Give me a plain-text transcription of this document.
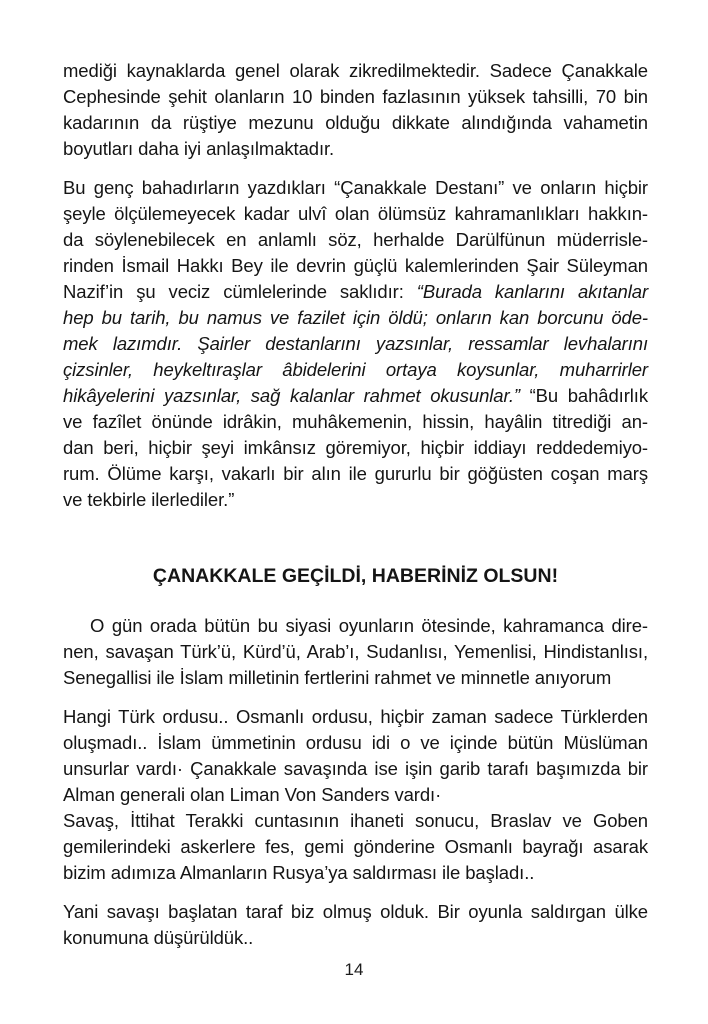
mediği kaynaklarda genel olarak zikredilmektedir. Sadece Çanakkale
Cephesinde şehit olanların 10 binden fazlasının yüksek tahsilli, 70 bin
kadarının da rüştiye mezunu olduğu dikkate alındığında vahametin
boyutları daha iyi anlaşılmaktadır.
Bu genç bahadırların yazdıkları “Çanakkale Destanı” ve onların hiçbir
şeyle ölçülemeyecek kadar ulvî olan ölümsüz kahramanlıkları hakkın-
da söylenebilecek en anlamlı söz, herhalde Darülfünun müderrisle-
rinden İsmail Hakkı Bey ile devrin güçlü kalemlerinden Şair Süleyman
Nazif’in şu veciz cümlelerinde saklıdır: “Burada kanlarını akıtanlar
hep bu tarih, bu namus ve fazilet için öldü; onların kan borcunu öde-
mek lazımdır. Şairler destanlarını yazsınlar, ressamlar levhalarını
çizsinler, heykeltıraşlar âbidelerini ortaya koysunlar, muharrirler
hikâyelerini yazsınlar, sağ kalanlar rahmet okusunlar.” “Bu bahâdırlık
ve fazîlet önünde idrâkin, muhâkemenin, hissin, hayâlin titrediği an-
dan beri, hiçbir şeyi imkânsız göremiyor, hiçbir iddiayı reddedemiyo-
rum. Ölüme karşı, vakarlı bir alın ile gururlu bir göğüsten coşan marş
ve tekbirle ilerlediler.”
ÇANAKKALE GEÇİLDİ, HABERİNİZ OLSUN!
O gün orada bütün bu siyasi oyunların ötesinde, kahramanca dire-
nen, savaşan Türk’ü, Kürd’ü, Arab’ı, Sudanlısı, Yemenlisi, Hindistanlısı,
Senegallisi ile İslam milletinin fertlerini rahmet ve minnetle anıyorum
Hangi Türk ordusu.. Osmanlı ordusu, hiçbir zaman sadece Türklerden
oluşmadı.. İslam ümmetinin ordusu idi o ve içinde bütün Müslüman
unsurlar vardı· Çanakkale savaşında ise işin garib tarafı başımızda bir
Alman generali olan Liman Von Sanders vardı·
Savaş, İttihat Terakki cuntasının ihaneti sonucu, Braslav ve Goben
gemilerindeki askerlere fes, gemi gönderine Osmanlı bayrağı asarak
bizim adımıza Almanların Rusya’ya saldırması ile başladı..
Yani savaşı başlatan taraf biz olmuş olduk. Bir oyunla saldırgan ülke
konumuna düşürüldük..
14
